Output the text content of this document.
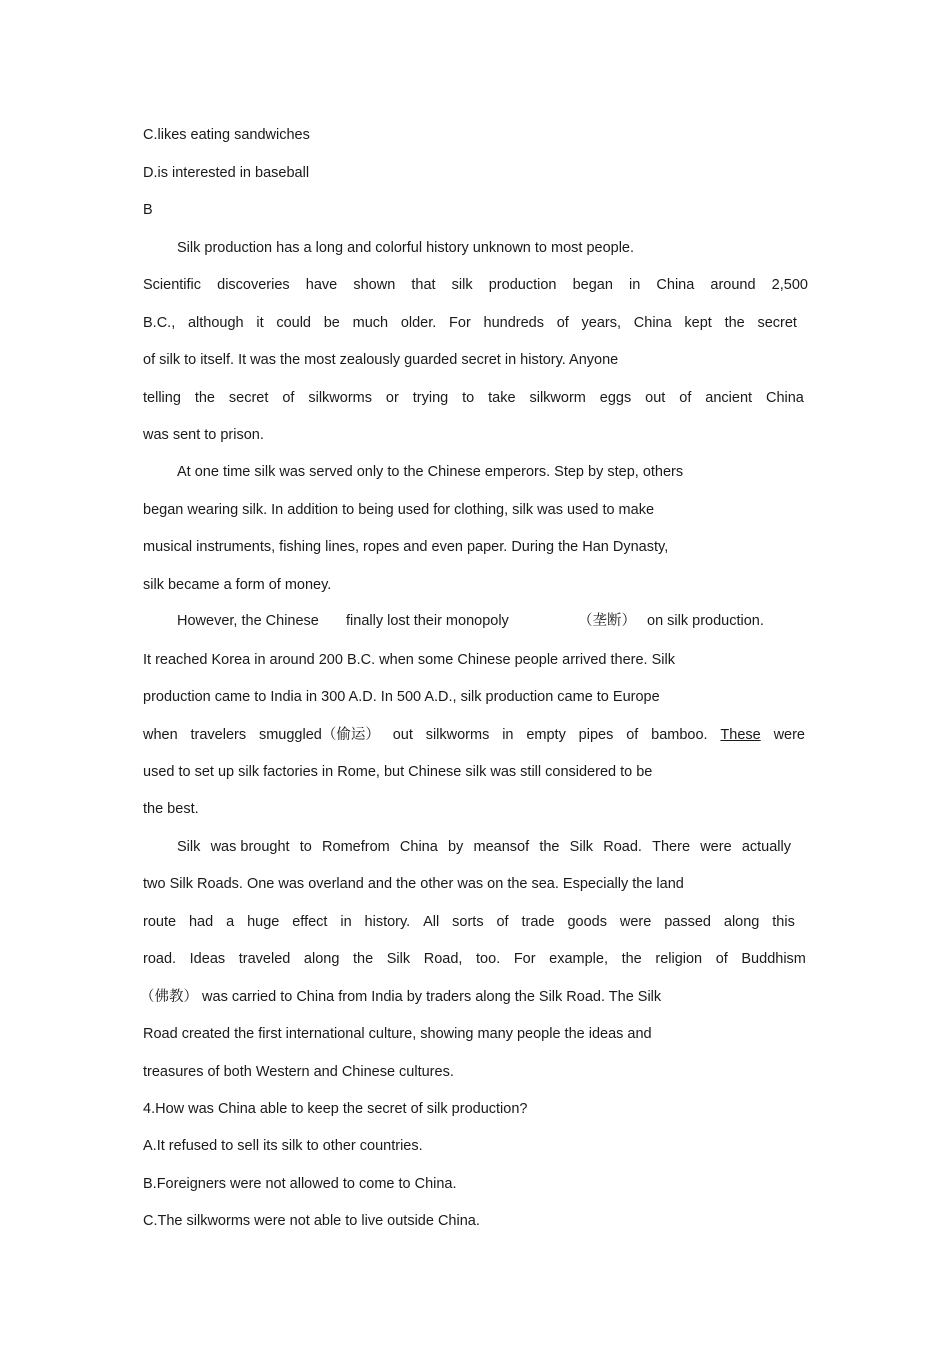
C.likes eating sandwiches
D.is interested in baseball
B
Silk production has a long and colorful history unknown to most people.
Scientific discoveries have shown that silk production began in China around 2,500
B.C., although it could be much older. For hundreds of years, China kept the secret
of silk to itself. It was the most zealously guarded secret in history. Anyone
telling the secret of silkworms or trying to take silkworm eggs out of ancient China
was sent to prison.
At one time silk was served only to the Chinese emperors. Step by step, others
began wearing silk. In addition to being used for clothing, silk was used to make
musical instruments, fishing lines, ropes and even paper. During the Han Dynasty,
silk became a form of money.
However, the Chinese	finally lost their monopoly	（垄断） on silk production.
It reached Korea in around 200 B.C. when some Chinese people arrived there. Silk
production came to India in 300 A.D. In 500 A.D., silk production came to Europe
when travelers smuggled（偷运） out silkworms in empty pipes of bamboo. These were
used to set up silk factories in Rome, but Chinese silk was still considered to be
the best.
Silk was brought to Romefrom China by meansof the Silk Road. There were actually
two Silk Roads. One was overland and the other was on the sea. Especially the land
route had a huge effect in history. All sorts of trade goods were passed along this
road. Ideas traveled along the Silk Road, too. For example, the religion of Buddhism
（佛教） was carried to China from India by traders along the Silk Road. The Silk
Road created the first international culture, showing many people the ideas and
treasures of both Western and Chinese cultures.
4.How was China able to keep the secret of silk production?
A.It refused to sell its silk to other countries.
B.Foreigners were not allowed to come to China.
C.The silkworms were not able to live outside China.
